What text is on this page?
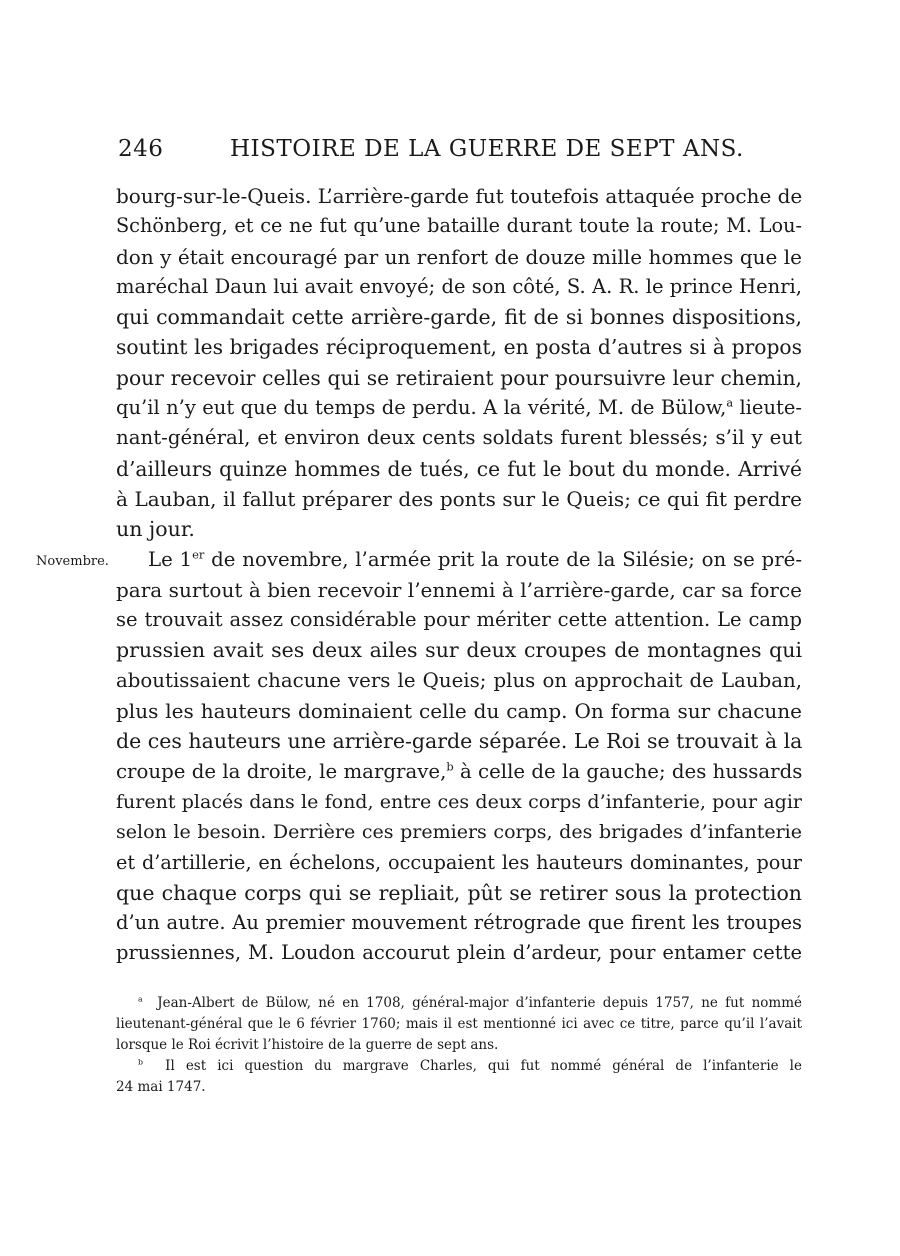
246	HISTOIRE DE LA GUERRE DE SEPT ANS.
Novembre.
bourg-sur-le-Queis. L’arrière-garde fut toutefois attaquée proche de
Schönberg, et ce ne fut qu’une bataille durant toute la route; M. Lou-
don y était encouragé par un renfort de douze mille hommes que le
maréchal Daun lui avait envoyé; de son côté, S. A. R. le prince Henri,
qui commandait cette arrière-garde, fit de si bonnes dispositions,
soutint les brigades réciproquement, en posta d’autres si à propos
pour recevoir celles qui se retiraient pour poursuivre leur chemin,
qu’il n’y eut que du temps de perdu. A la vérité, M. de Bülow,$^a$ lieute-
nant-général, et environ deux cents soldats furent blessés; s’il y eut
d’ailleurs quinze hommes de tués, ce fut le bout du monde. Arrivé
à Lauban, il fallut préparer des ponts sur le Queis; ce qui fit perdre
un jour.
Le 1er de novembre, l’armée prit la route de la Silésie; on se pré-
para surtout à bien recevoir l’ennemi à l’arrière-garde, car sa force
se trouvait assez considérable pour mériter cette attention. Le camp
prussien avait ses deux ailes sur deux croupes de montagnes qui
aboutissaient chacune vers le Queis; plus on approchait de Lauban,
plus les hauteurs dominaient celle du camp. On forma sur chacune
de ces hauteurs une arrière-garde séparée. Le Roi se trouvait à la
croupe de la droite, le margrave,$^b$ à celle de la gauche; des hussards
furent placés dans le fond, entre ces deux corps d’infanterie, pour agir
selon le besoin. Derrière ces premiers corps, des brigades d’infanterie
et d’artillerie, en échelons, occupaient les hauteurs dominantes, pour
que chaque corps qui se repliait, pût se retirer sous la protection
d’un autre. Au premier mouvement rétrograde que firent les troupes
prussiennes, M. Loudon accourut plein d’ardeur, pour entamer cette
$^a$ Jean-Albert de Bülow, né en 1708, général-major d’infanterie depuis 1757, ne fut nommé
lieutenant-général que le 6 février 1760; mais il est mentionné ici avec ce titre, parce qu’il l’avait
lorsque le Roi écrivit l’histoire de la guerre de sept ans.
$^b$ Il est ici question du margrave Charles, qui fut nommé général de l’infanterie le
24 mai 1747.
